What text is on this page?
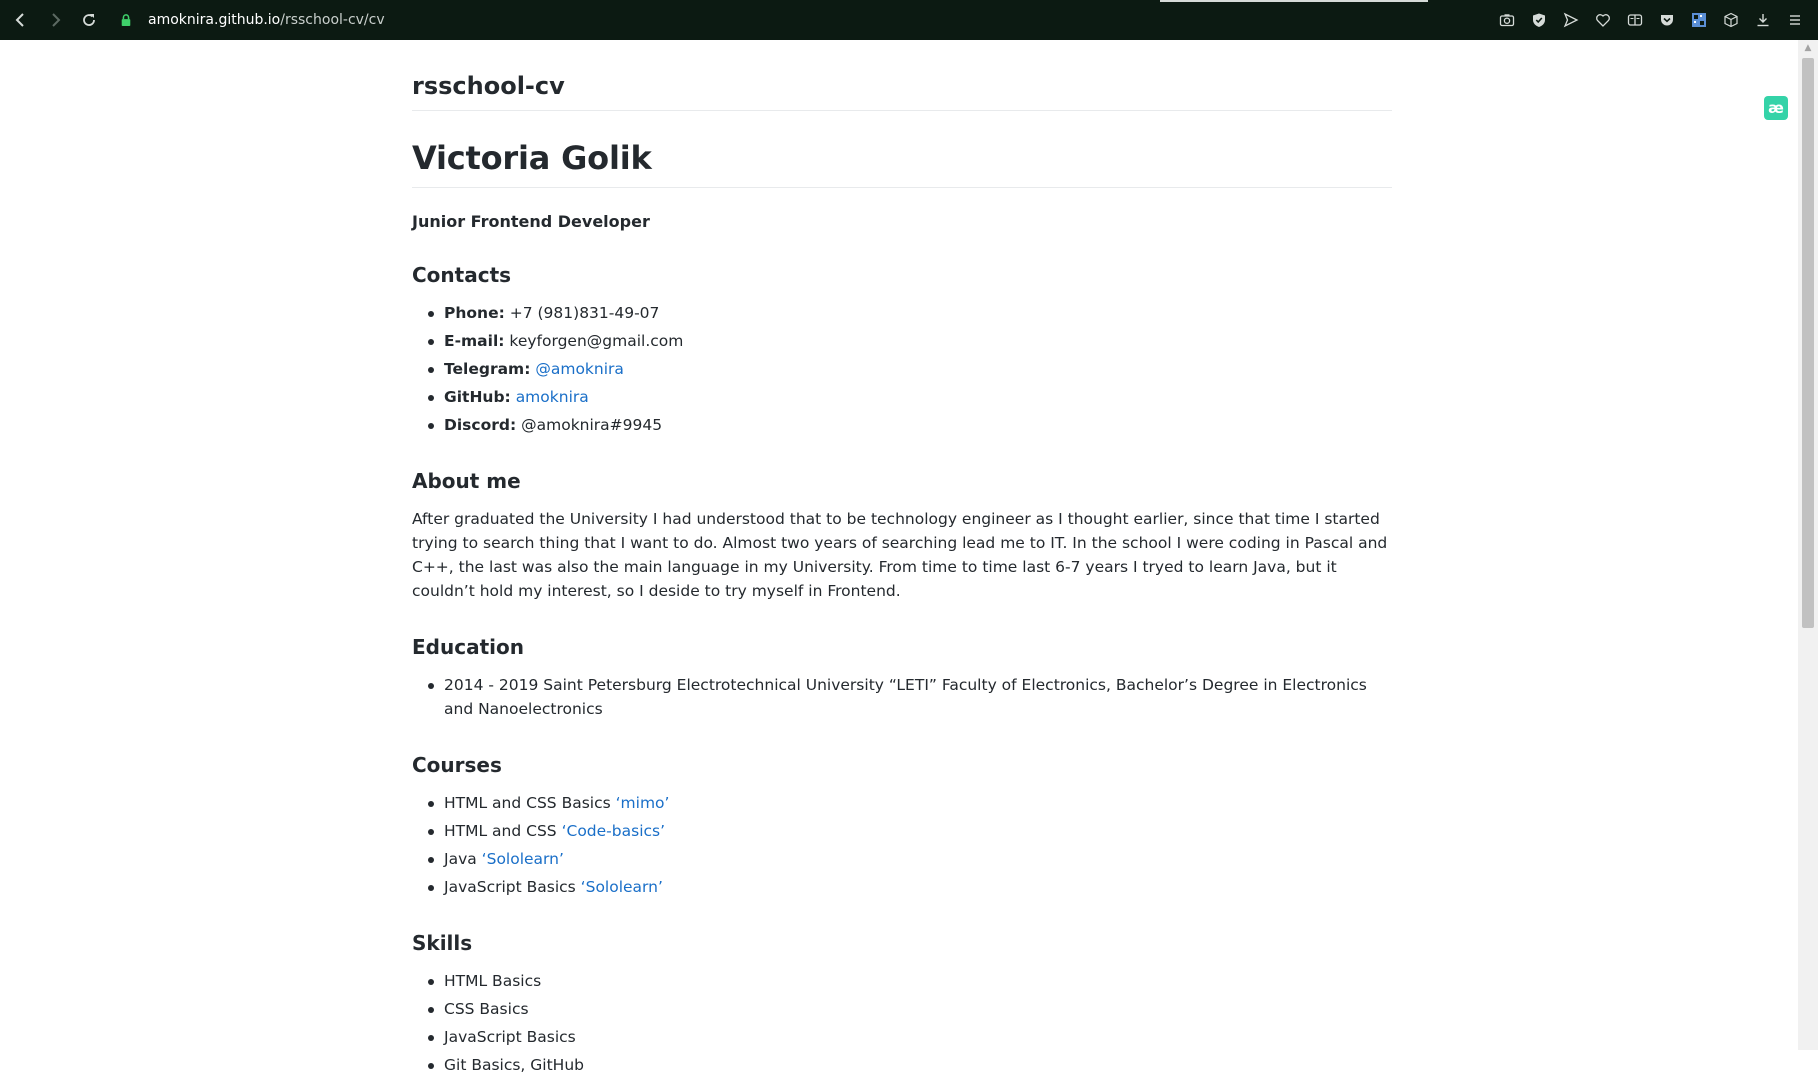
amoknira.github.io/rsschool-cv/cv
rsschool-cv
Victoria Golik
Junior Frontend Developer
Contacts
Phone: +7 (981)831-49-07
E-mail: keyforgen@gmail.com
Telegram: @amoknira
GitHub: amoknira
Discord: @amoknira#9945
About me

After graduated the University I had understood that to be technology engineer as I thought earlier, since that time I started trying to search thing that I want to do. Almost two years of searching lead me to IT. In the school I were coding in Pascal and C++, the last was also the main language in my University. From time to time last 6-7 years I tryed to learn Java, but it couldn’t hold my interest, so I deside to try myself in Frontend.

Education
2014 - 2019 Saint Petersburg Electrotechnical University “LETI” Faculty of Electronics, Bachelor’s Degree in Electronics and Nanoelectronics
Courses
HTML and CSS Basics ‘mimo’
HTML and CSS ‘Code-basics’
Java ‘Sololearn’
JavaScript Basics ‘Sololearn’
Skills
HTML Basics
CSS Basics
JavaScript Basics
Git Basics, GitHub
æ
▲
